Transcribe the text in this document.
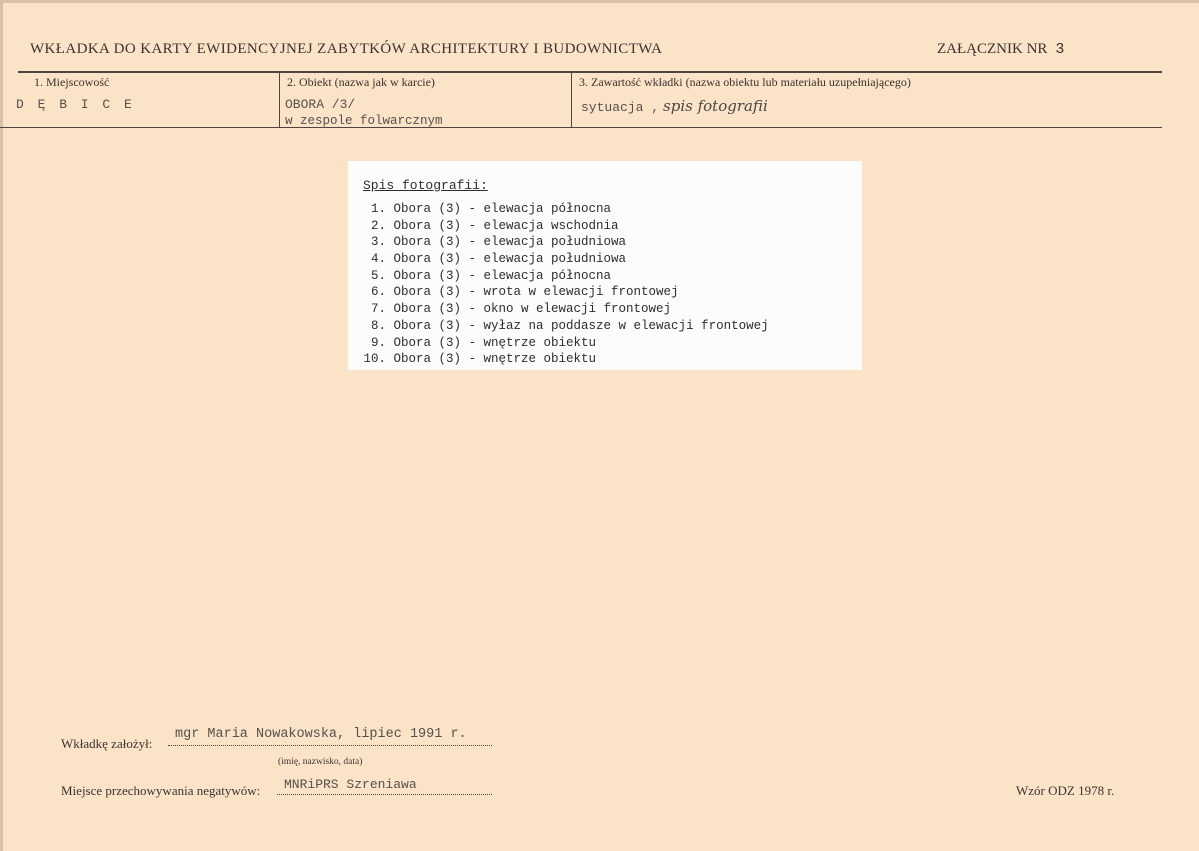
WKŁADKA DO KARTY EWIDENCYJNEJ ZABYTKÓW ARCHITEKTURY I BUDOWNICTWA	ZAŁĄCZNIK NR 3
1. Miejscowość
D Ę B I C E
2. Obiekt (nazwa jak w karcie)
OBORA /3/
w zespole folwarcznym
3. Zawartość wkładki (nazwa obiektu lub materiału uzupełniającego)
sytuacja , spis fotografii
Spis fotografii:
1. Obora (3) - elewacja północna
2. Obora (3) - elewacja wschodnia
3. Obora (3) - elewacja południowa
4. Obora (3) - elewacja południowa
5. Obora (3) - elewacja północna
6. Obora (3) - wrota w elewacji frontowej
7. Obora (3) - okno w elewacji frontowej
8. Obora (3) - wyłaz na poddasze w elewacji frontowej
9. Obora (3) - wnętrze obiektu
10. Obora (3) - wnętrze obiektu
Wkładkę założył:
mgr Maria Nowakowska, lipiec 1991 r.
(imię, nazwisko, data)
Miejsce przechowywania negatywów: MNRiPRS Szreniawa	Wzór ODZ 1978 r.
